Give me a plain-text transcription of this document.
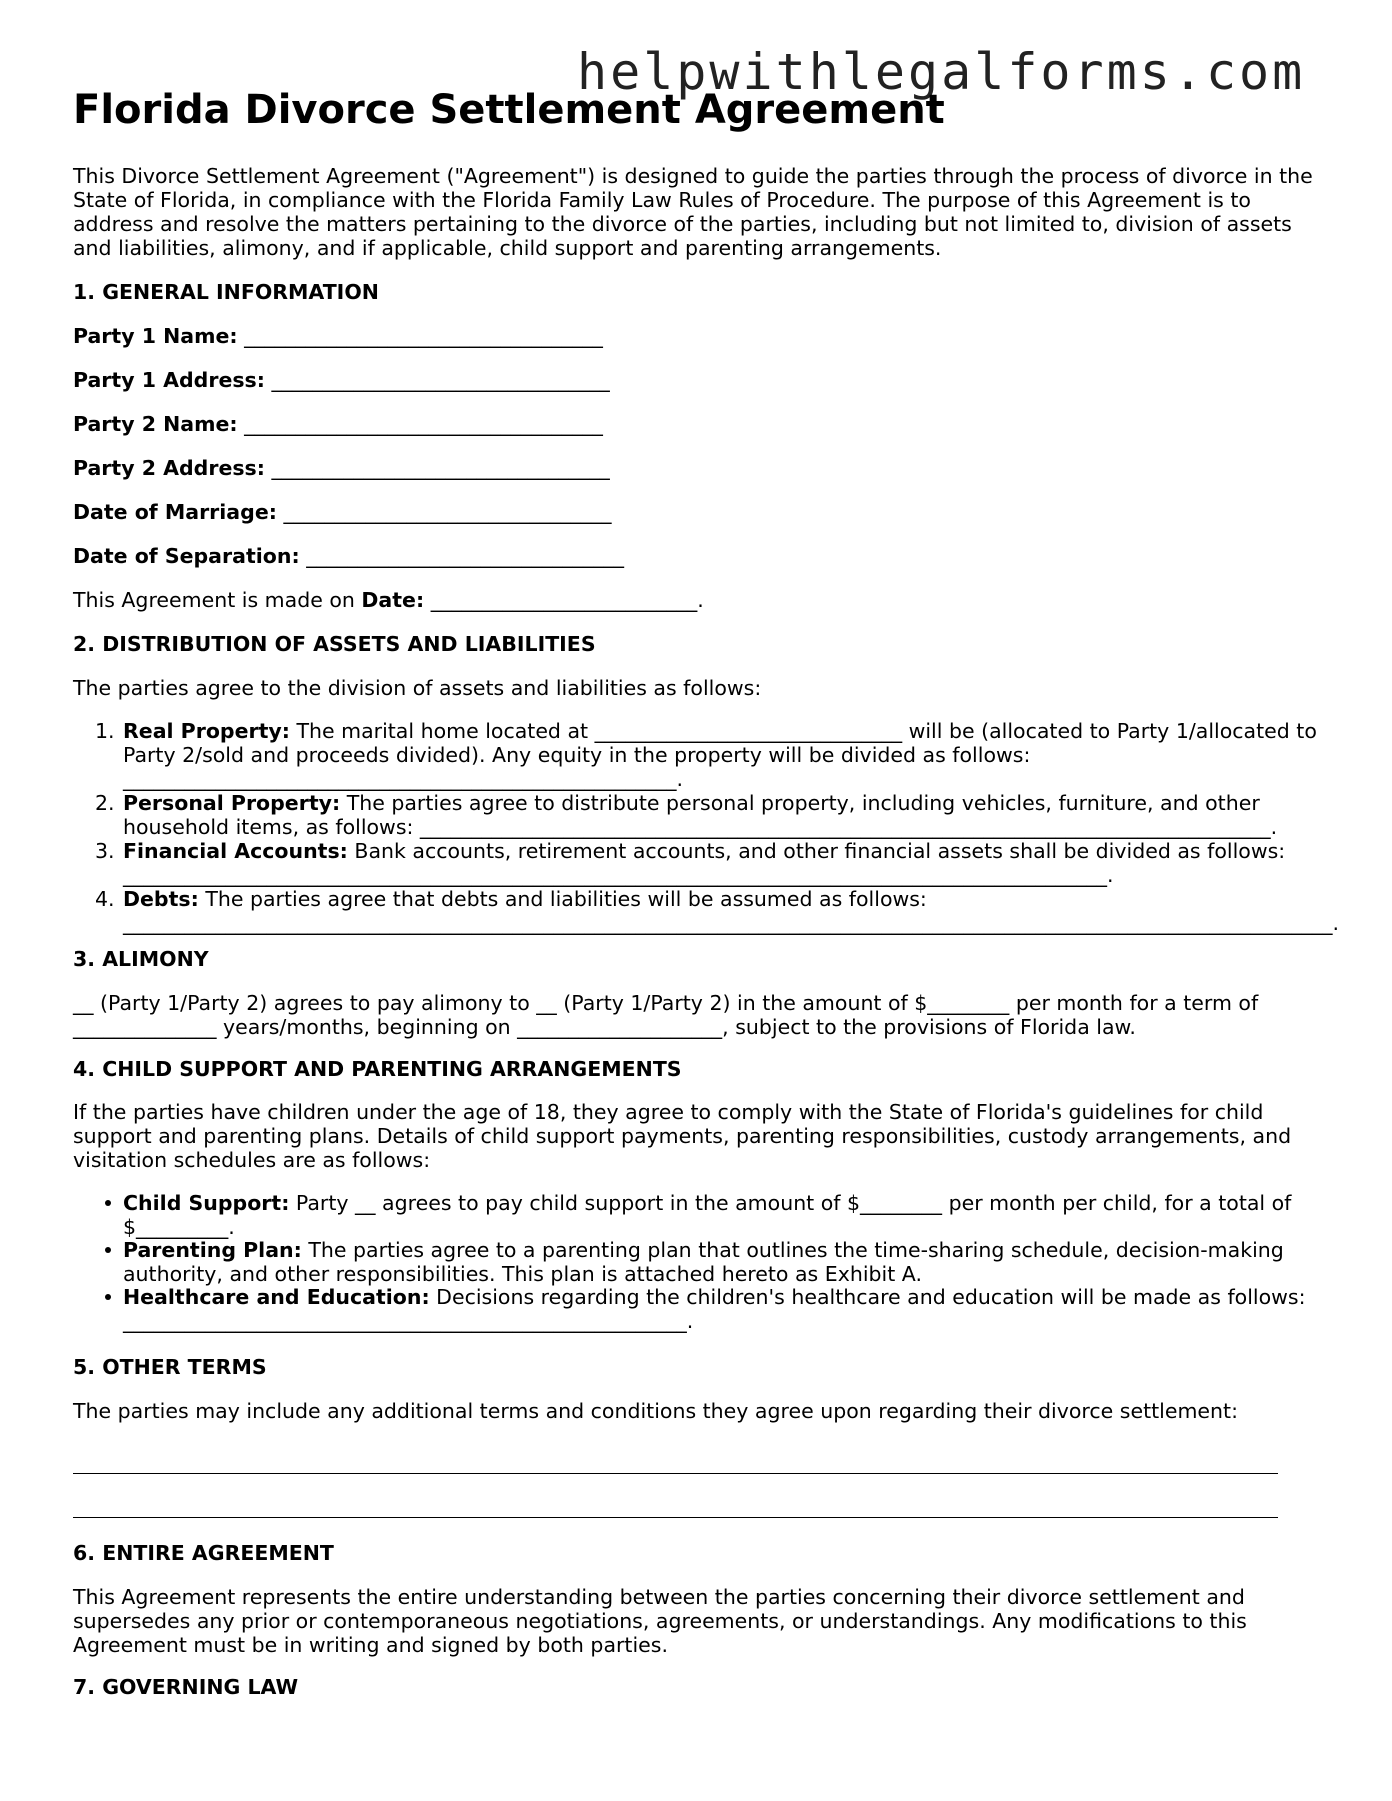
helpwithlegalforms.com
Florida Divorce Settlement Agreement

This Divorce Settlement Agreement ("Agreement") is designed to guide the parties through the process of divorce in the State of Florida, in compliance with the Florida Family Law Rules of Procedure. The purpose of this Agreement is to address and resolve the matters pertaining to the divorce of the parties, including but not limited to, division of assets and liabilities, alimony, and if applicable, child support and parenting arrangements.

1. GENERAL INFORMATION
Party 1 Name: ___________________________________
Party 1 Address: _________________________________
Party 2 Name: ___________________________________
Party 2 Address: _________________________________
Date of Marriage: ________________________________
Date of Separation: _______________________________
This Agreement is made on Date: __________________________.
2. DISTRIBUTION OF ASSETS AND LIABILITIES
The parties agree to the division of assets and liabilities as follows:
1. Real Property: The marital home located at ______________________________ will be (allocated to Party 1/allocated to Party 2/sold and proceeds divided). Any equity in the property will be divided as follows: ______________________________________________________.
2. Personal Property: The parties agree to distribute personal property, including vehicles, furniture, and other household items, as follows: ___________________________________________________________________________________.
3. Financial Accounts: Bank accounts, retirement accounts, and other financial assets shall be divided as follows: ________________________________________________________________________________________________.
4. Debts: The parties agree that debts and liabilities will be assumed as follows: ______________________________________________________________________________________________________________________.
3. ALIMONY

__ (Party 1/Party 2) agrees to pay alimony to __ (Party 1/Party 2) in the amount of $________ per month for a term of ______________ years/months, beginning on ____________________, subject to the provisions of Florida law.

4. CHILD SUPPORT AND PARENTING ARRANGEMENTS

If the parties have children under the age of 18, they agree to comply with the State of Florida's guidelines for child support and parenting plans. Details of child support payments, parenting responsibilities, custody arrangements, and visitation schedules are as follows:

Child Support: Party __ agrees to pay child support in the amount of $________ per month per child, for a total of $_________.
Parenting Plan: The parties agree to a parenting plan that outlines the time-sharing schedule, decision-making authority, and other responsibilities. This plan is attached hereto as Exhibit A.
Healthcare and Education: Decisions regarding the children's healthcare and education will be made as follows: _______________________________________________________.
5. OTHER TERMS
The parties may include any additional terms and conditions they agree upon regarding their divorce settlement:
6. ENTIRE AGREEMENT

This Agreement represents the entire understanding between the parties concerning their divorce settlement and supersedes any prior or contemporaneous negotiations, agreements, or understandings. Any modifications to this Agreement must be in writing and signed by both parties.

7. GOVERNING LAW
